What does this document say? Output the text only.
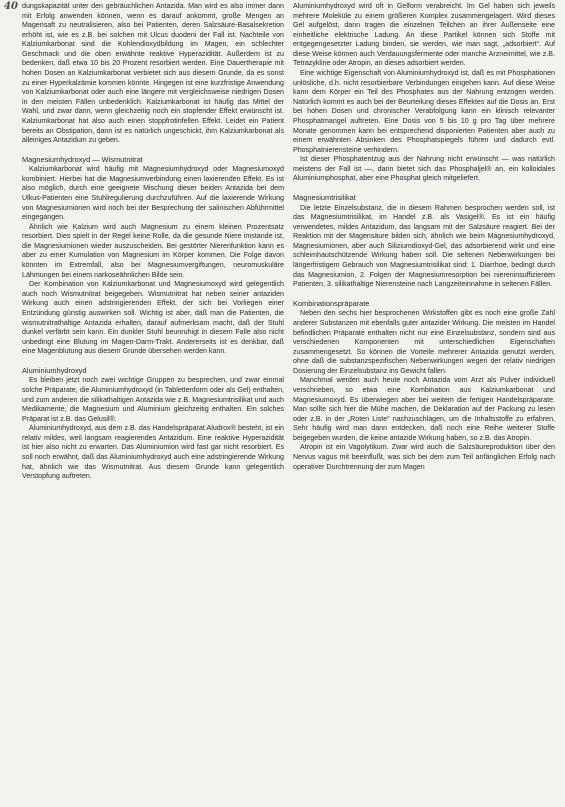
40 dungskapazität unter den gebräuchlichen Antazida. Man wird es also immer dann mit Erfolg anwenden können, wenn es darauf ankommt, große Mengen an Magensaft zu neutralisieren, also bei Patienten, deren Salzsäure-Basalsekretion erhöht ist, wie es z.B. bei solchen mit Ulcus duodeni der Fall ist. Nachteile von Kalziumkarbonat sind die Kohlendioxydbildung im Magen, ein schlechter Geschmack und die oben erwähnte reaktive Hyperazidität. Außerdem ist zu bedenken, daß etwa 10 bis 20 Prozent resorbiert werden. Eine Dauertherapie mit hohen Dosen an Kalziumkarbonat verbietet sich aus diesem Grunde, da es sonst zu einer Hyperkalzämie kommen könnte. Hingegen ist eine kurzfristige Anwendung von Kalziumkarbonat oder auch eine längere mit vergleichsweise niedrigen Dosen in den meisten Fällen unbedenklich. Kalziumkarbonat ist häufig das Mittel der Wahl, und zwar dann, wenn gleichzeitig noch ein stopfender Effekt erwünscht ist. Kalziumkarbonat hat also auch einen stoppfrotinfellen Effekt. Leidet ein Patient bereits an Obstipation, dann ist es natürlich ungeschickt, ihm Kalziumkarbonat als alleiniges Antazidum zu geben.

Magnesiumhydroxyd — Wismutnitrat

Kalziumkarbonat wird häufig mit Magnesiumhydroxyd oder Magnesiumoxyd kombiniert. Hierbei hat die Magnesiumverbindung einen laxierenden Effekt. Es ist also möglich, durch eine geeignete Mischung dieser beiden Antazida bei dem Ulkus-Patienten eine Stuhlregulierung durchzuführen. Auf die laxierende Wirkung von Magnesiumionen wird noch bei der Besprechung der salinischen Abführmittel eingegangen.

Ähnlich wie Kalzium wird auch Magnesium zu einem kleinen Prozentsatz resorbiert. Dies spielt in der Regel keine Rolle, da die gesunde Niere imstande ist, die Magnesiumionen wieder auszuscheiden. Bei gestörter Nierenfunktion kann es aber zu einer Kumulation von Magnesium im Körper kommen. Die Folge davon könnten im Extremfall, also bei Magnesiumvergiftungen, neuromuskuläre Lähmungen bei einem narkoseähnlichen Bilde sein.

Der Kombination von Kalziumkarbonat und Magnesiumoxyd wird gelegentlich auch noch Wismutnitrat beigegeben. Wismutnitrat hat neben seiner antaziden Wirkung auch einen adstringierenden Effekt, der sich bei Vorliegen einer Entzündung günstig auswirken soll. Wichtig ist aber, daß man die Patienten, die wismutnitrathaltige Antazida erhalten, darauf aufmerksam macht, daß der Stuhl dunkel verfärbt sein kann. Ein dunkler Stuhl beunruhigt in diesem Falle also nicht unbedingt eine Blutung im Magen-Darm-Trakt. Andererseits ist es denkbar, daß eine Magenblutung aus diesem Grunde übersehen werden kann.

Aluminiumhydroxyd

Es bleiben jetzt noch zwei wichtige Gruppen zu besprechen, und zwar einmal solche Präparate, die Aluminiumhydroxyd (in Tablettenform oder als Gel) enthalten, und zum anderen die silikathaltigen Antazida wie z.B. Magnesiumtrisilikat und auch Medikamente, die Magnesium und Aluminium gleichzeitig enthalten. Ein solches Präparat ist z.B. das Gelusil®.

Aluminiumhydroxyd, aus dem z.B. das Handelspräparat Aludrox® besteht, ist ein relativ mildes, weil langsam reagierendes Antazidum. Eine reaktive Hyperazidität ist hier also nicht zu erwarten. Das Aluminiumion wird fast gar nicht resorbiert. Es soll noch erwähnt, daß das Aluminiumhydroxyd auch eine adstringierende Wirkung hat, ähnlich wie das Wismutnitrat. Aus diesem Grunde kann gelegentlich Verstopfung auftreten.

Aluminiumhydroxyd wird oft in Gelform verabreicht. Im Gel haben sich jeweils mehrere Moleküle zu einem größeren Komplex zusammengelagert. Wird dieses Gel aufgelöst, dann tragen die einzelnen Teilchen an ihrer Außenseite eine einheitliche elektrische Ladung. An diese Partikel können sich Stoffe mit entgegengesetzter Ladung binden, sie werden, wie man sagt, „adsorbiert“. Auf diese Weise können auch Verdauungsfermente oder manche Arzneimittel, wie z.B. Tetrazykline oder Atropin, an dieses adsorbiert werden.

Eine wichtige Eigenschaft von Aluminiumhydroxyd ist, daß es mit Phosphationen unlösliche, d.h. nicht resorbierbare Verbindungen eingehen kann. Auf diese Weise kann dem Körper ein Teil des Phosphates aus der Nahrung entzogen werden. Natürlich kommt es auch bei der Beurteilung dieses Effektes auf die Dosis an. Erst bei hohen Dosen und chronischer Verabfolgung kann ein klinisch relevanter Phosphatmangel auftreten. Eine Dosis von 5 bis 10 g pro Tag über mehrere Monate genommen kann bei entsprechend disponierten Patienten aber auch zu einem erwähnten Absinken des Phosphatspiegels führen und dadurch evtl. Phosphatnierensteine verhindern.

Ist dieser Phosphatentzug aus der Nahrung nicht erwünscht — was natürlich meistens der Fall ist —, dann bietet sich das Phosphaljel® an, ein kolloidales Aluminiumphosphat, aber eine Phosphat gleich mitgeliefert.

Magnesiumtrisilikat

Die letzte Einzelsubstanz, die in diesem Rahmen besprochen werden soll, ist das Magnesiumtrisilikat, im Handel z.B. als Vasigel®. Es ist ein häufig verwendetes, mildes Antazidum, das langsam mit der Salzsäure reagiert. Bei der Reaktion mit der Magensäure bilden sich, ähnlich wie beim Magnesiumhydroxyd, Magnesiumionen, aber auch Siliziumdioxyd-Gel, das adsorbierend wirkt und eine schleimhautschützende Wirkung haben soll. Die seltenen Nebenwirkungen bei längerfristigem Gebrauch von Magnesiumtrisilikat sind: 1. Diarrhoe, bedingt durch das Magnesiumion, 2. Folgen der Magnesiumresorption bei niereninsuffizienten Patienten, 3. silikathaltige Nierensteine nach Langzeiteinnahme in seltenen Fällen.

Kombinationspräparate

Neben den sechs hier besprochenen Wirkstoffen gibt es noch eine große Zahl anderer Substanzen mit ebenfalls guter antazider Wirkung. Die meisten im Handel befindlichen Präparate enthalten nicht nur eine Einzelsubstanz, sondern sind aus verschiedenen Komponenten mit unterschiedlichen Eigenschaften zusammengesetzt. So können die Vorteile mehrerer Antazida genutzt werden, ohne daß die substanzspezifischen Nebenwirkungen wegen der relativ niedrigen Dosierung der Einzelsubstanz ins Gewicht fallen.

Manchmal werden auch heute noch Antazida vom Arzt als Pulver individuell verschrieben, so etwa eine Kombination aus Kalziumkarbonat und Magnesiumoxyd. Es überwiegen aber bei weitem die fertigen Handelspräparate. Man sollte sich hier die Mühe machen, die Deklaration auf der Packung zu lesen oder z.B. in der „Roten Liste“ nachzuschlagen, um die Inhaltsstoffe zu erfahren. Sehr häufig wird man dann entdecken, daß noch eine Reihe weiterer Stoffe beigegeben wurden, die keine antazide Wirkung haben, so z.B. das Atropin.

Atropin ist ein Vagolytikum. Zwar wird auch die Salzsäureproduktion über den Nervus vagus mit beeinflußt, was sich bei dem zum Teil anfänglichen Erfolg nach operativer Durchtrennung der zum Magen
